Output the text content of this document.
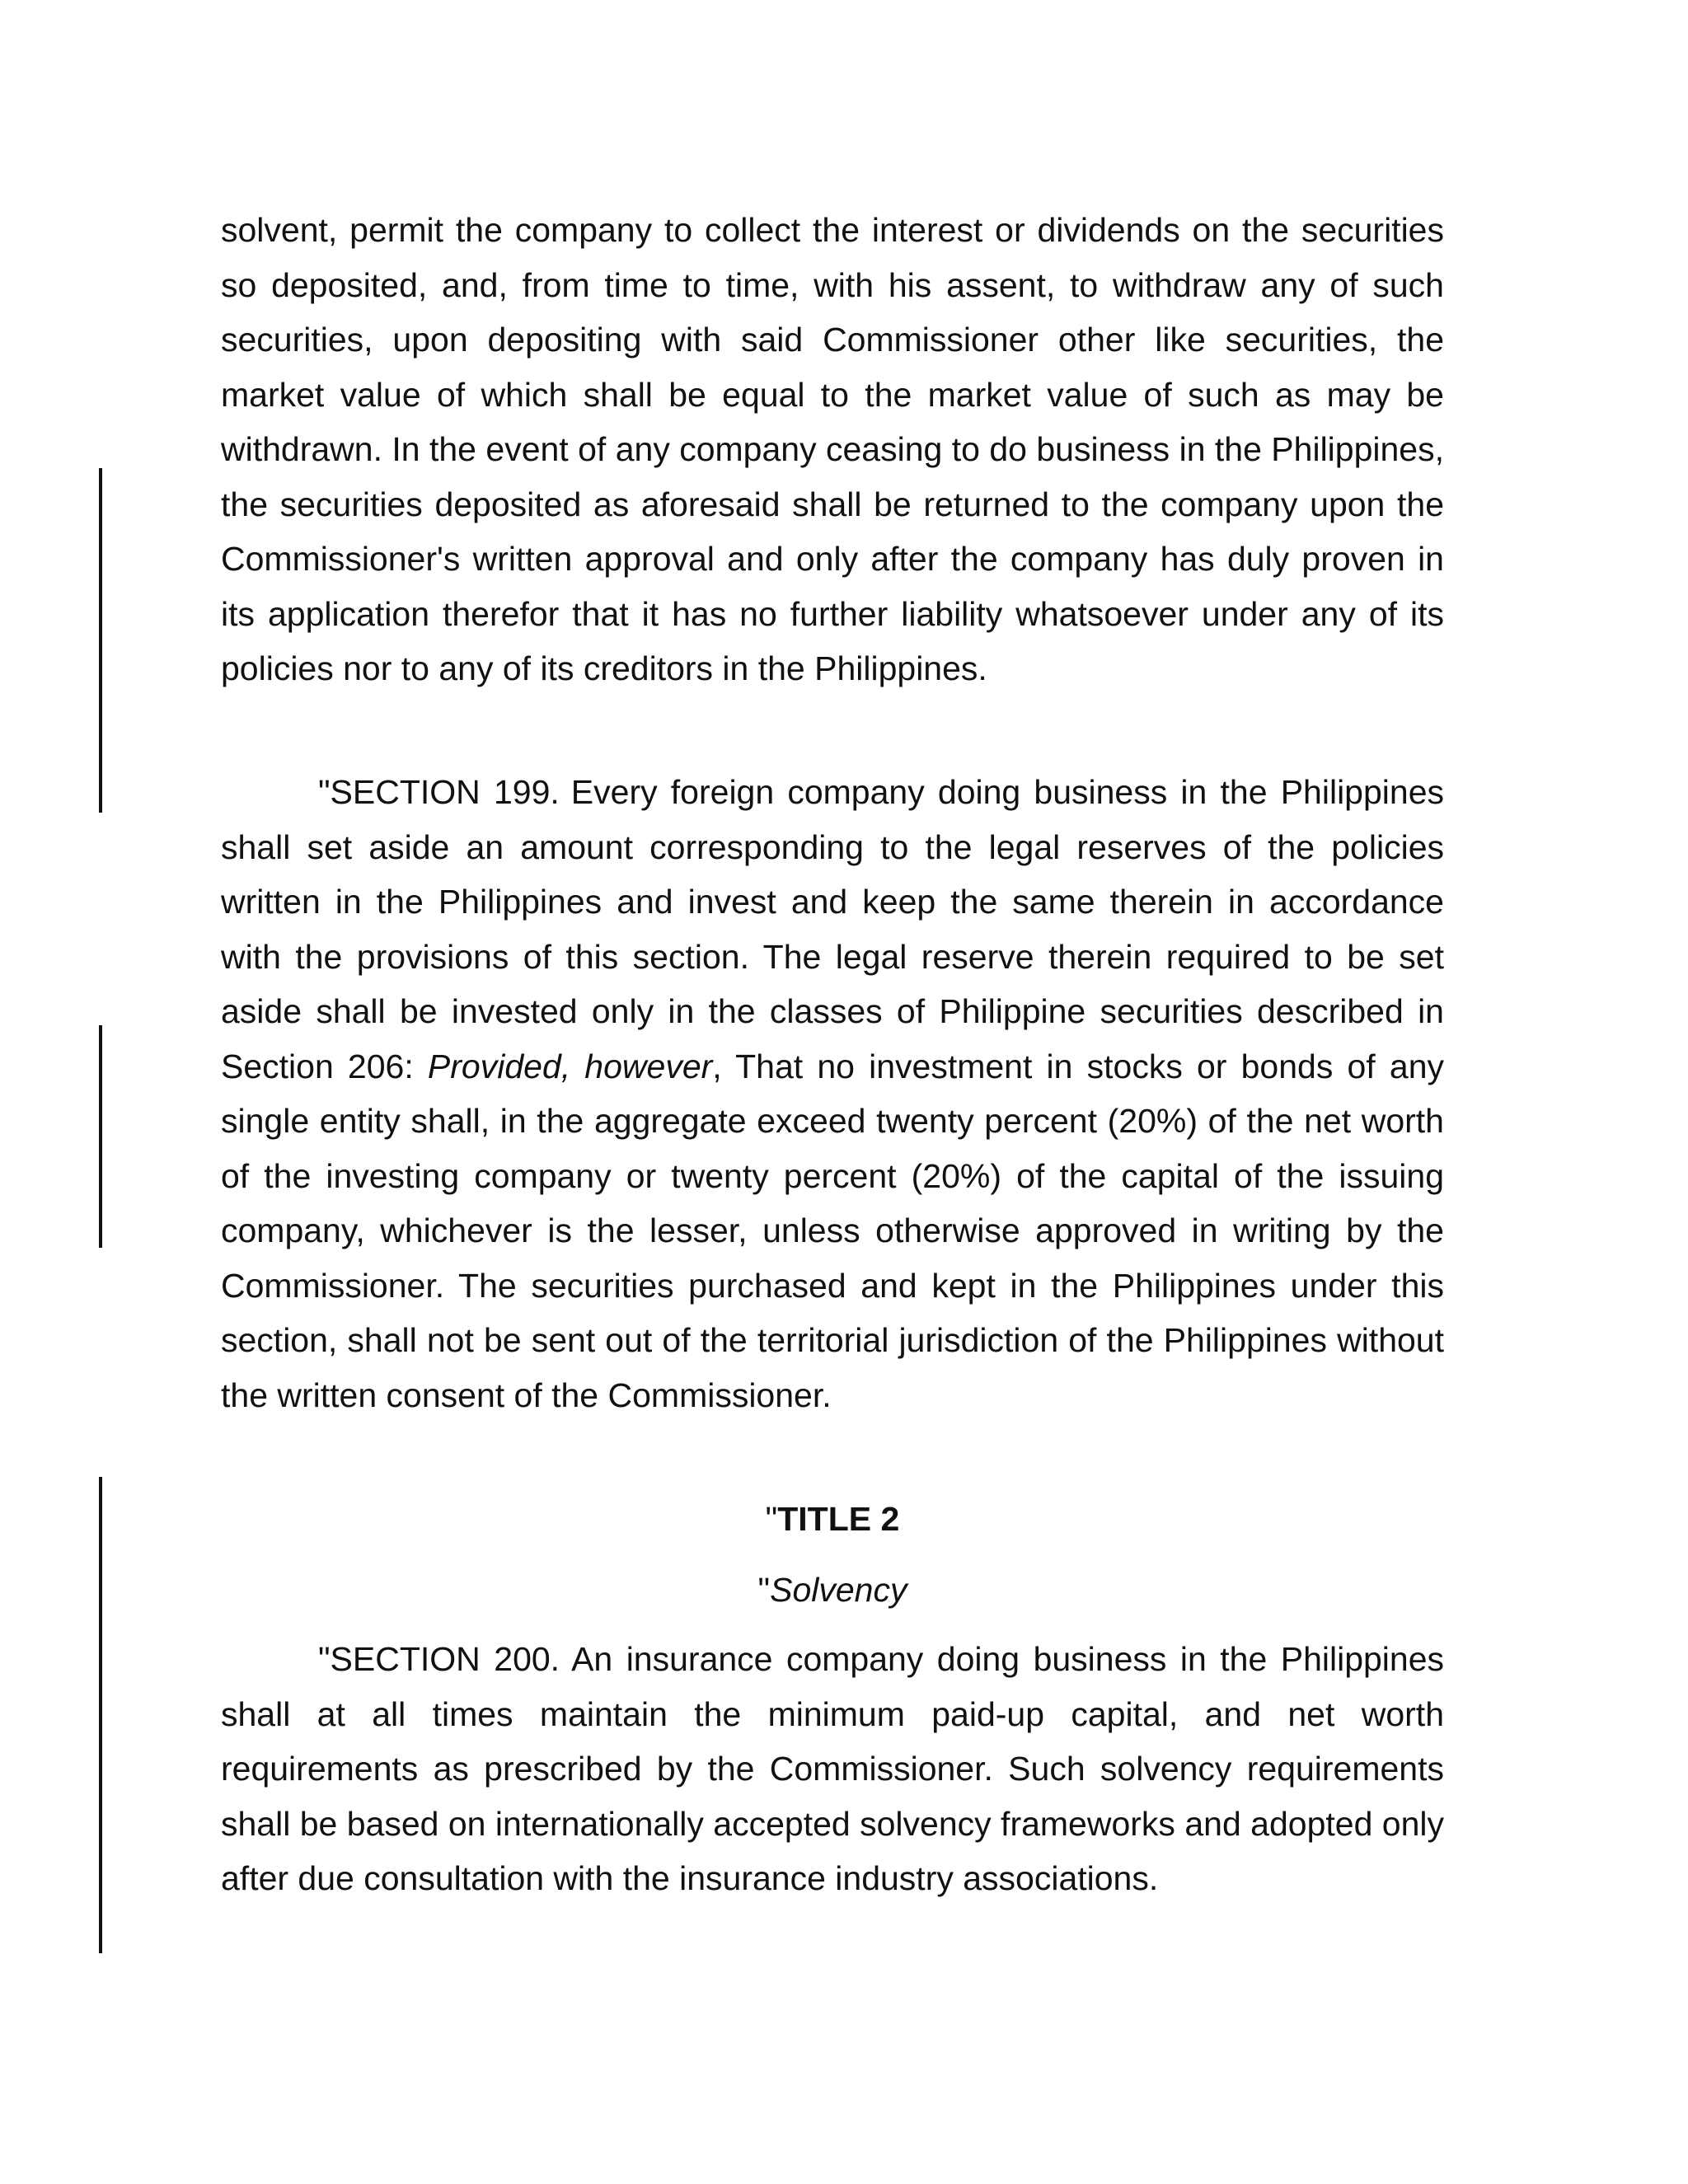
solvent, permit the company to collect the interest or dividends on the securities so deposited, and, from time to time, with his assent, to withdraw any of such securities, upon depositing with said Commissioner other like securities, the market value of which shall be equal to the market value of such as may be withdrawn. In the event of any company ceasing to do business in the Philippines, the securities deposited as aforesaid shall be returned to the company upon the Commissioner's written approval and only after the company has duly proven in its application therefor that it has no further liability whatsoever under any of its policies nor to any of its creditors in the Philippines.

"SECTION 199. Every foreign company doing business in the Philippines shall set aside an amount corresponding to the legal reserves of the policies written in the Philippines and invest and keep the same therein in accordance with the provisions of this section. The legal reserve therein required to be set aside shall be invested only in the classes of Philippine securities described in Section 206: Provided, however, That no investment in stocks or bonds of any single entity shall, in the aggregate exceed twenty percent (20%) of the net worth of the investing company or twenty percent (20%) of the capital of the issuing company, whichever is the lesser, unless otherwise approved in writing by the Commissioner. The securities purchased and kept in the Philippines under this section, shall not be sent out of the territorial jurisdiction of the Philippines without the written consent of the Commissioner.

"TITLE 2
"Solvency

"SECTION 200. An insurance company doing business in the Philippines shall at all times maintain the minimum paid-up capital, and net worth requirements as prescribed by the Commissioner. Such solvency requirements shall be based on internationally accepted solvency frameworks and adopted only after due consultation with the insurance industry associations.
